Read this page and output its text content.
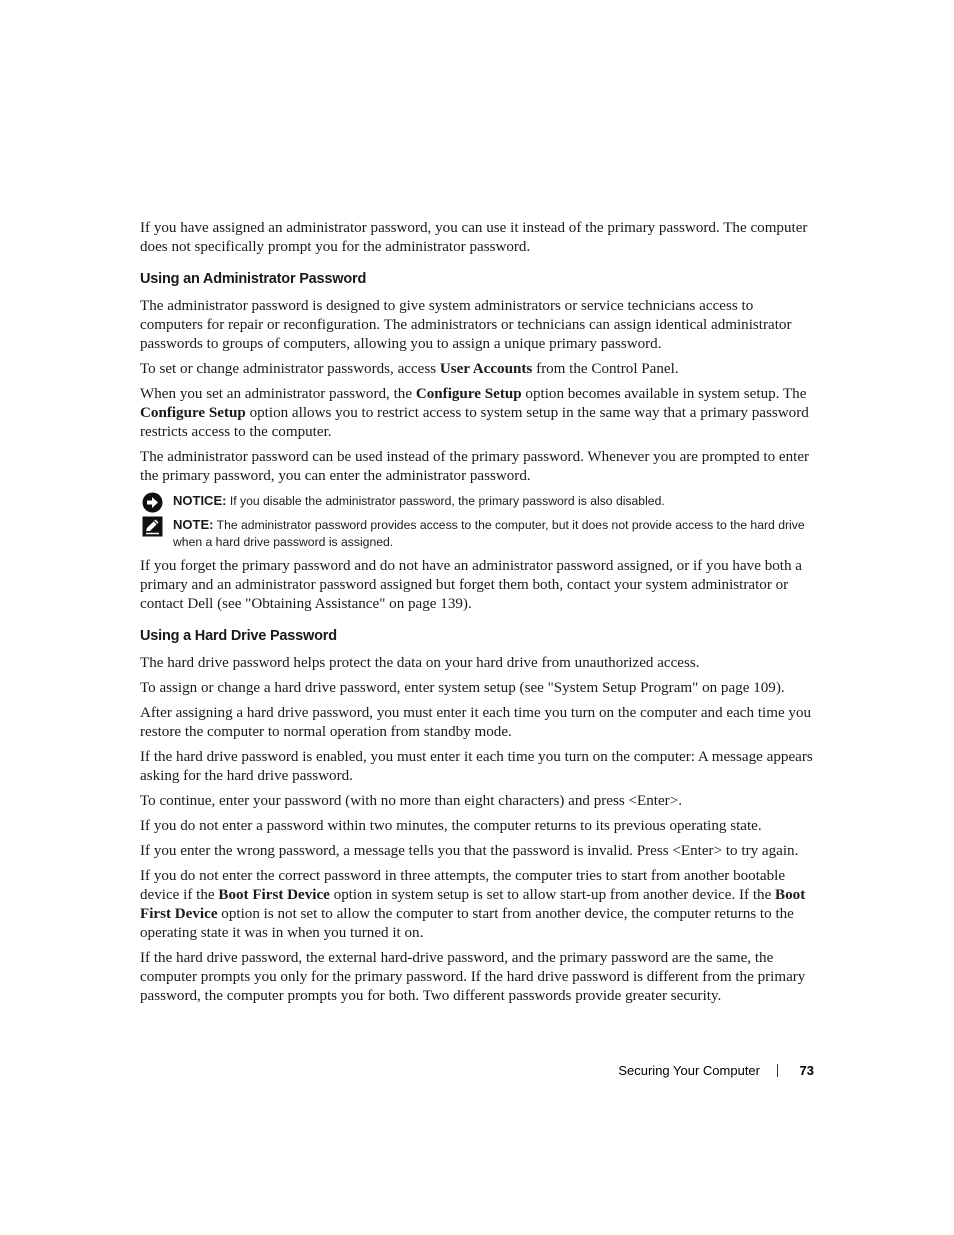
If you have assigned an administrator password, you can use it instead of the primary password. The computer does not specifically prompt you for the administrator password.

Using an Administrator Password

The administrator password is designed to give system administrators or service technicians access to computers for repair or reconfiguration. The administrators or technicians can assign identical administrator passwords to groups of computers, allowing you to assign a unique primary password.

To set or change administrator passwords, access User Accounts from the Control Panel.

When you set an administrator password, the Configure Setup option becomes available in system setup. The Configure Setup option allows you to restrict access to system setup in the same way that a primary password restricts access to the computer.

The administrator password can be used instead of the primary password. Whenever you are prompted to enter the primary password, you can enter the administrator password.

NOTICE: If you disable the administrator password, the primary password is also disabled.
NOTE: The administrator password provides access to the computer, but it does not provide access to the hard drive when a hard drive password is assigned.

If you forget the primary password and do not have an administrator password assigned, or if you have both a primary and an administrator password assigned but forget them both, contact your system administrator or contact Dell (see "Obtaining Assistance" on page 139).

Using a Hard Drive Password

The hard drive password helps protect the data on your hard drive from unauthorized access.

To assign or change a hard drive password, enter system setup (see "System Setup Program" on page 109).

After assigning a hard drive password, you must enter it each time you turn on the computer and each time you restore the computer to normal operation from standby mode.

If the hard drive password is enabled, you must enter it each time you turn on the computer: A message appears asking for the hard drive password.

To continue, enter your password (with no more than eight characters) and press <Enter>.

If you do not enter a password within two minutes, the computer returns to its previous operating state.

If you enter the wrong password, a message tells you that the password is invalid. Press <Enter> to try again.

If you do not enter the correct password in three attempts, the computer tries to start from another bootable device if the Boot First Device option in system setup is set to allow start-up from another device. If the Boot First Device option is not set to allow the computer to start from another device, the computer returns to the operating state it was in when you turned it on.

If the hard drive password, the external hard-drive password, and the primary password are the same, the computer prompts you only for the primary password. If the hard drive password is different from the primary password, the computer prompts you for both. Two different passwords provide greater security.

Securing Your Computer	73
